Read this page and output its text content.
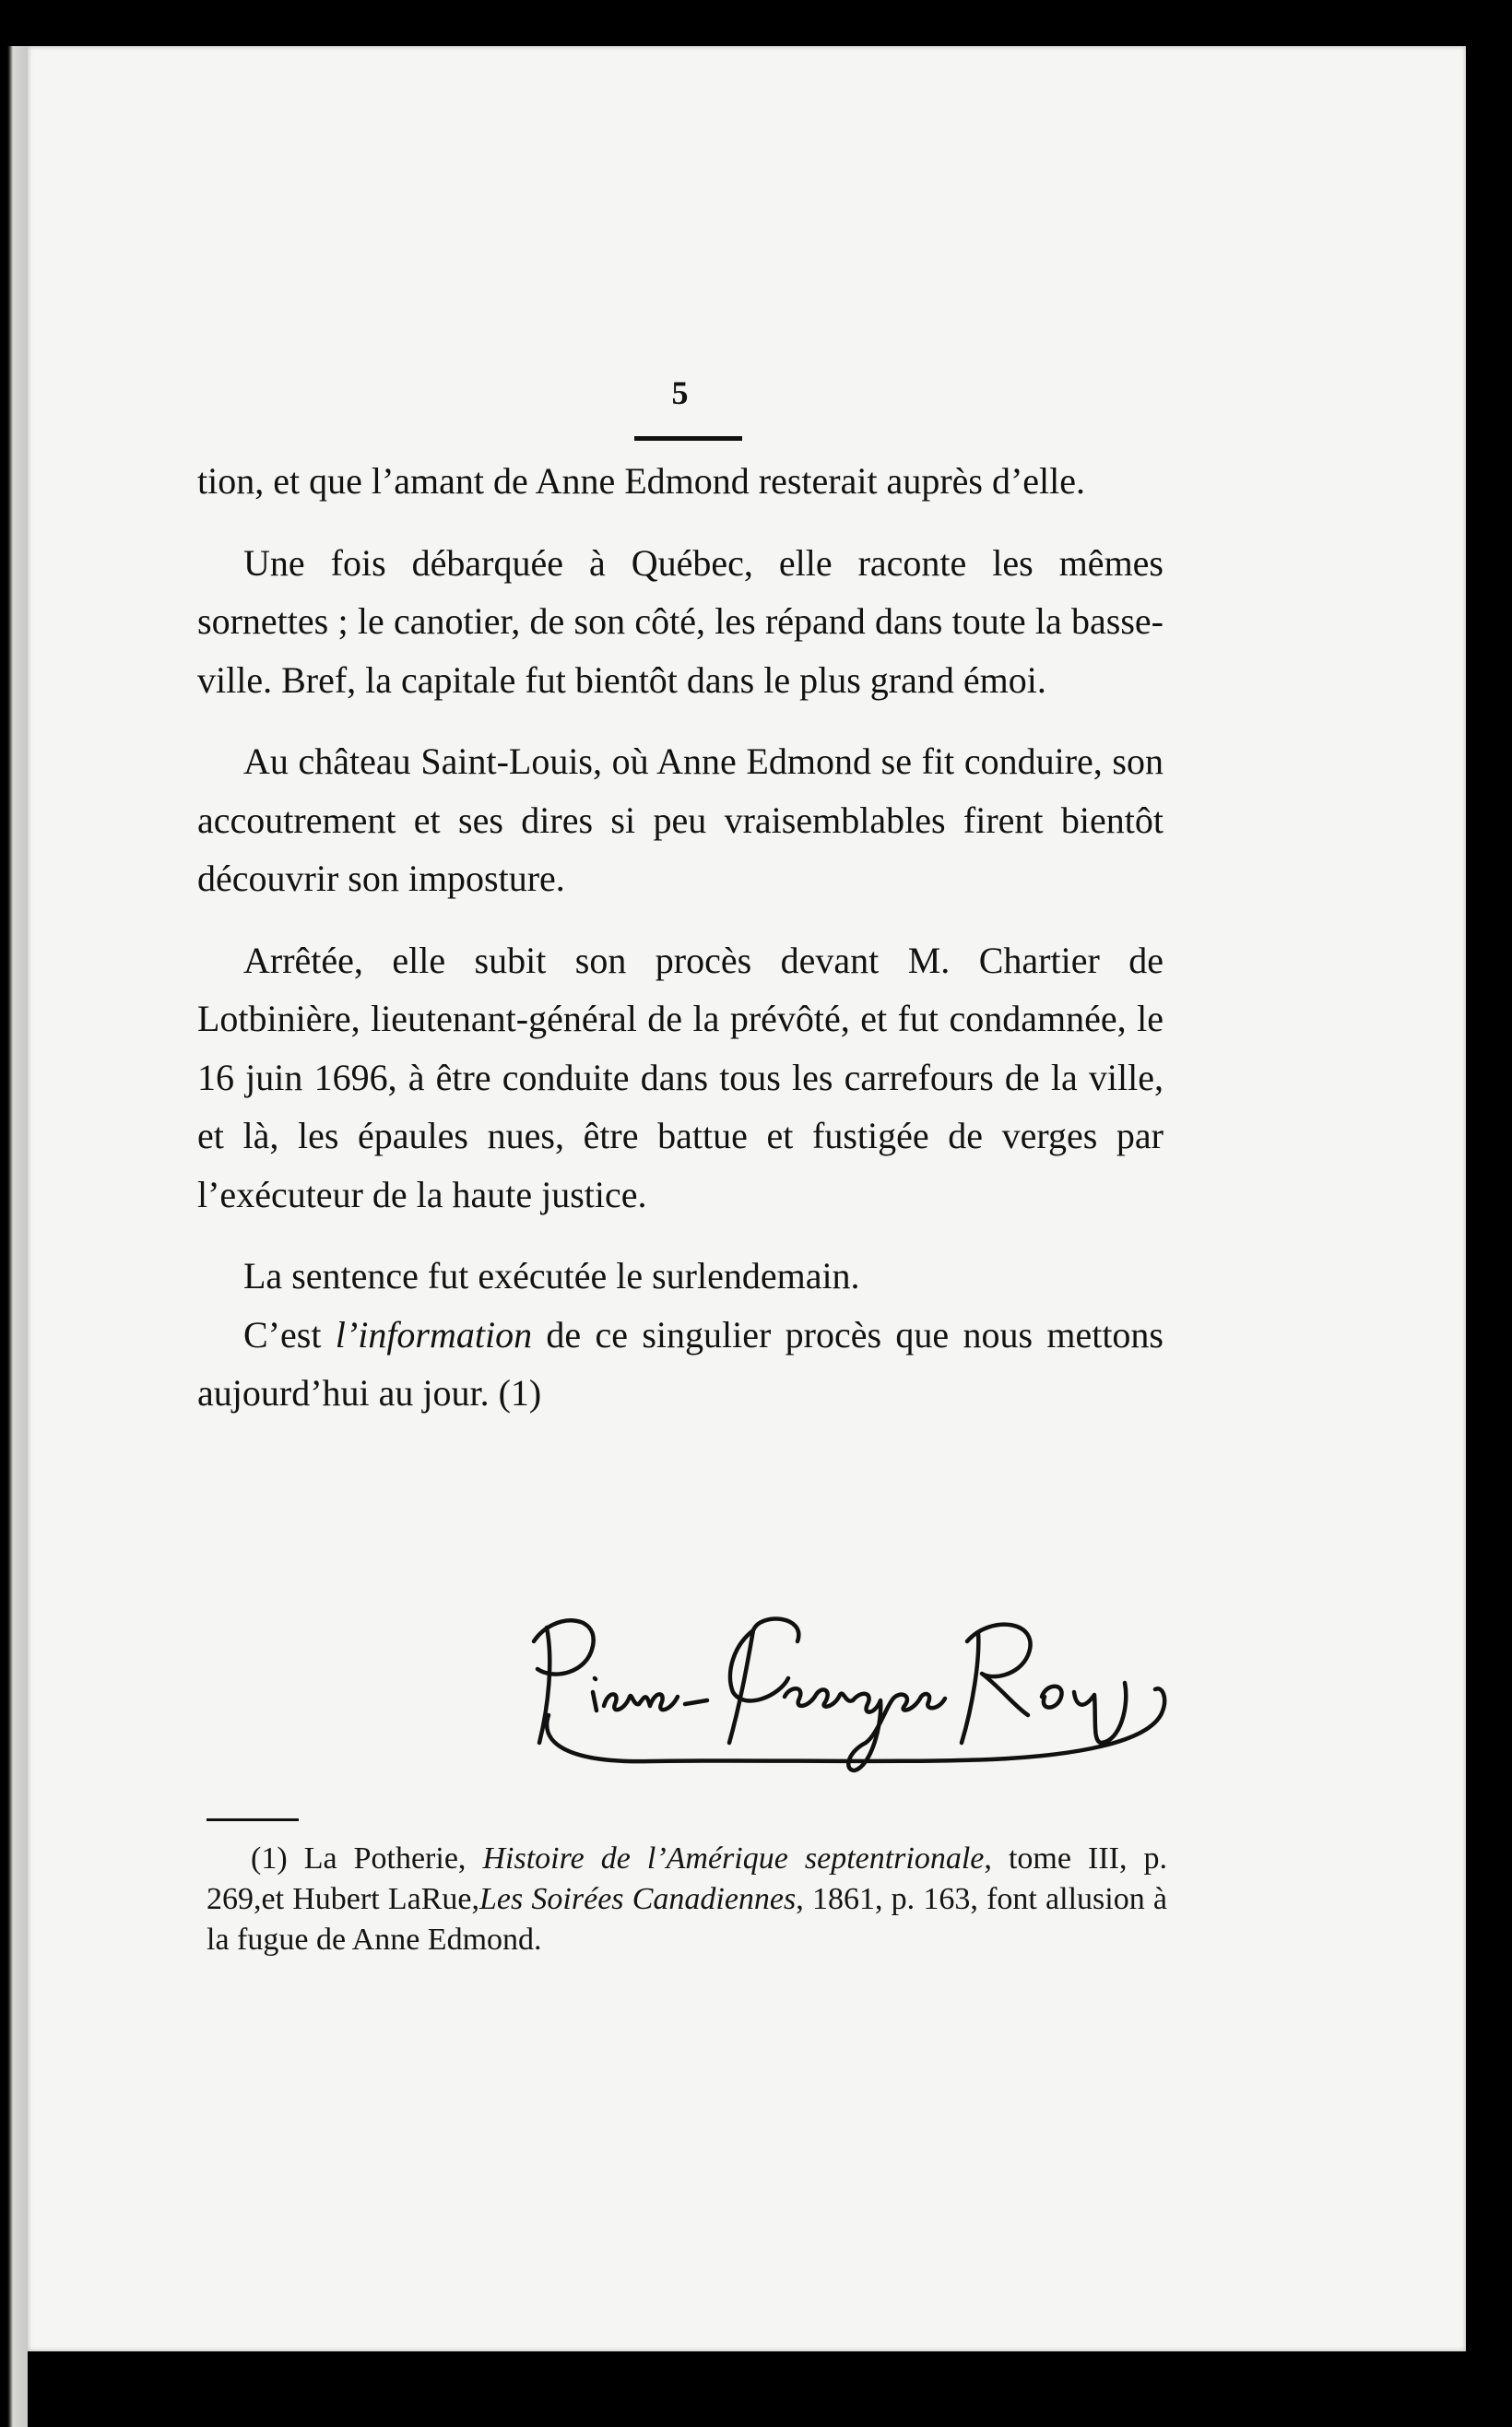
5

tion, et que l’amant de Anne Edmond resterait auprès d’elle.

Une fois débarquée à Québec, elle raconte les mêmes sornettes ; le canotier, de son côté, les répand dans toute la basse-ville. Bref, la capitale fut bientôt dans le plus grand émoi.

Au château Saint-Louis, où Anne Edmond se fit conduire, son accoutrement et ses dires si peu vraisemblables firent bientôt découvrir son imposture.

Arrêtée, elle subit son procès devant M. Chartier de Lotbinière, lieutenant-général de la prévôté, et fut condamnée, le 16 juin 1696, à être conduite dans tous les carrefours de la ville, et là, les épaules nues, être battue et fustigée de verges par l’exécuteur de la haute justice.

La sentence fut exécutée le surlendemain.

C’est l’information de ce singulier procès que nous mettons aujourd’hui au jour. (1)

(1) La Potherie, Histoire de l’Amérique septentrionale, tome III, p. 269,et Hubert LaRue,Les Soirées Canadiennes, 1861, p. 163, font allusion à la fugue de Anne Edmond.
